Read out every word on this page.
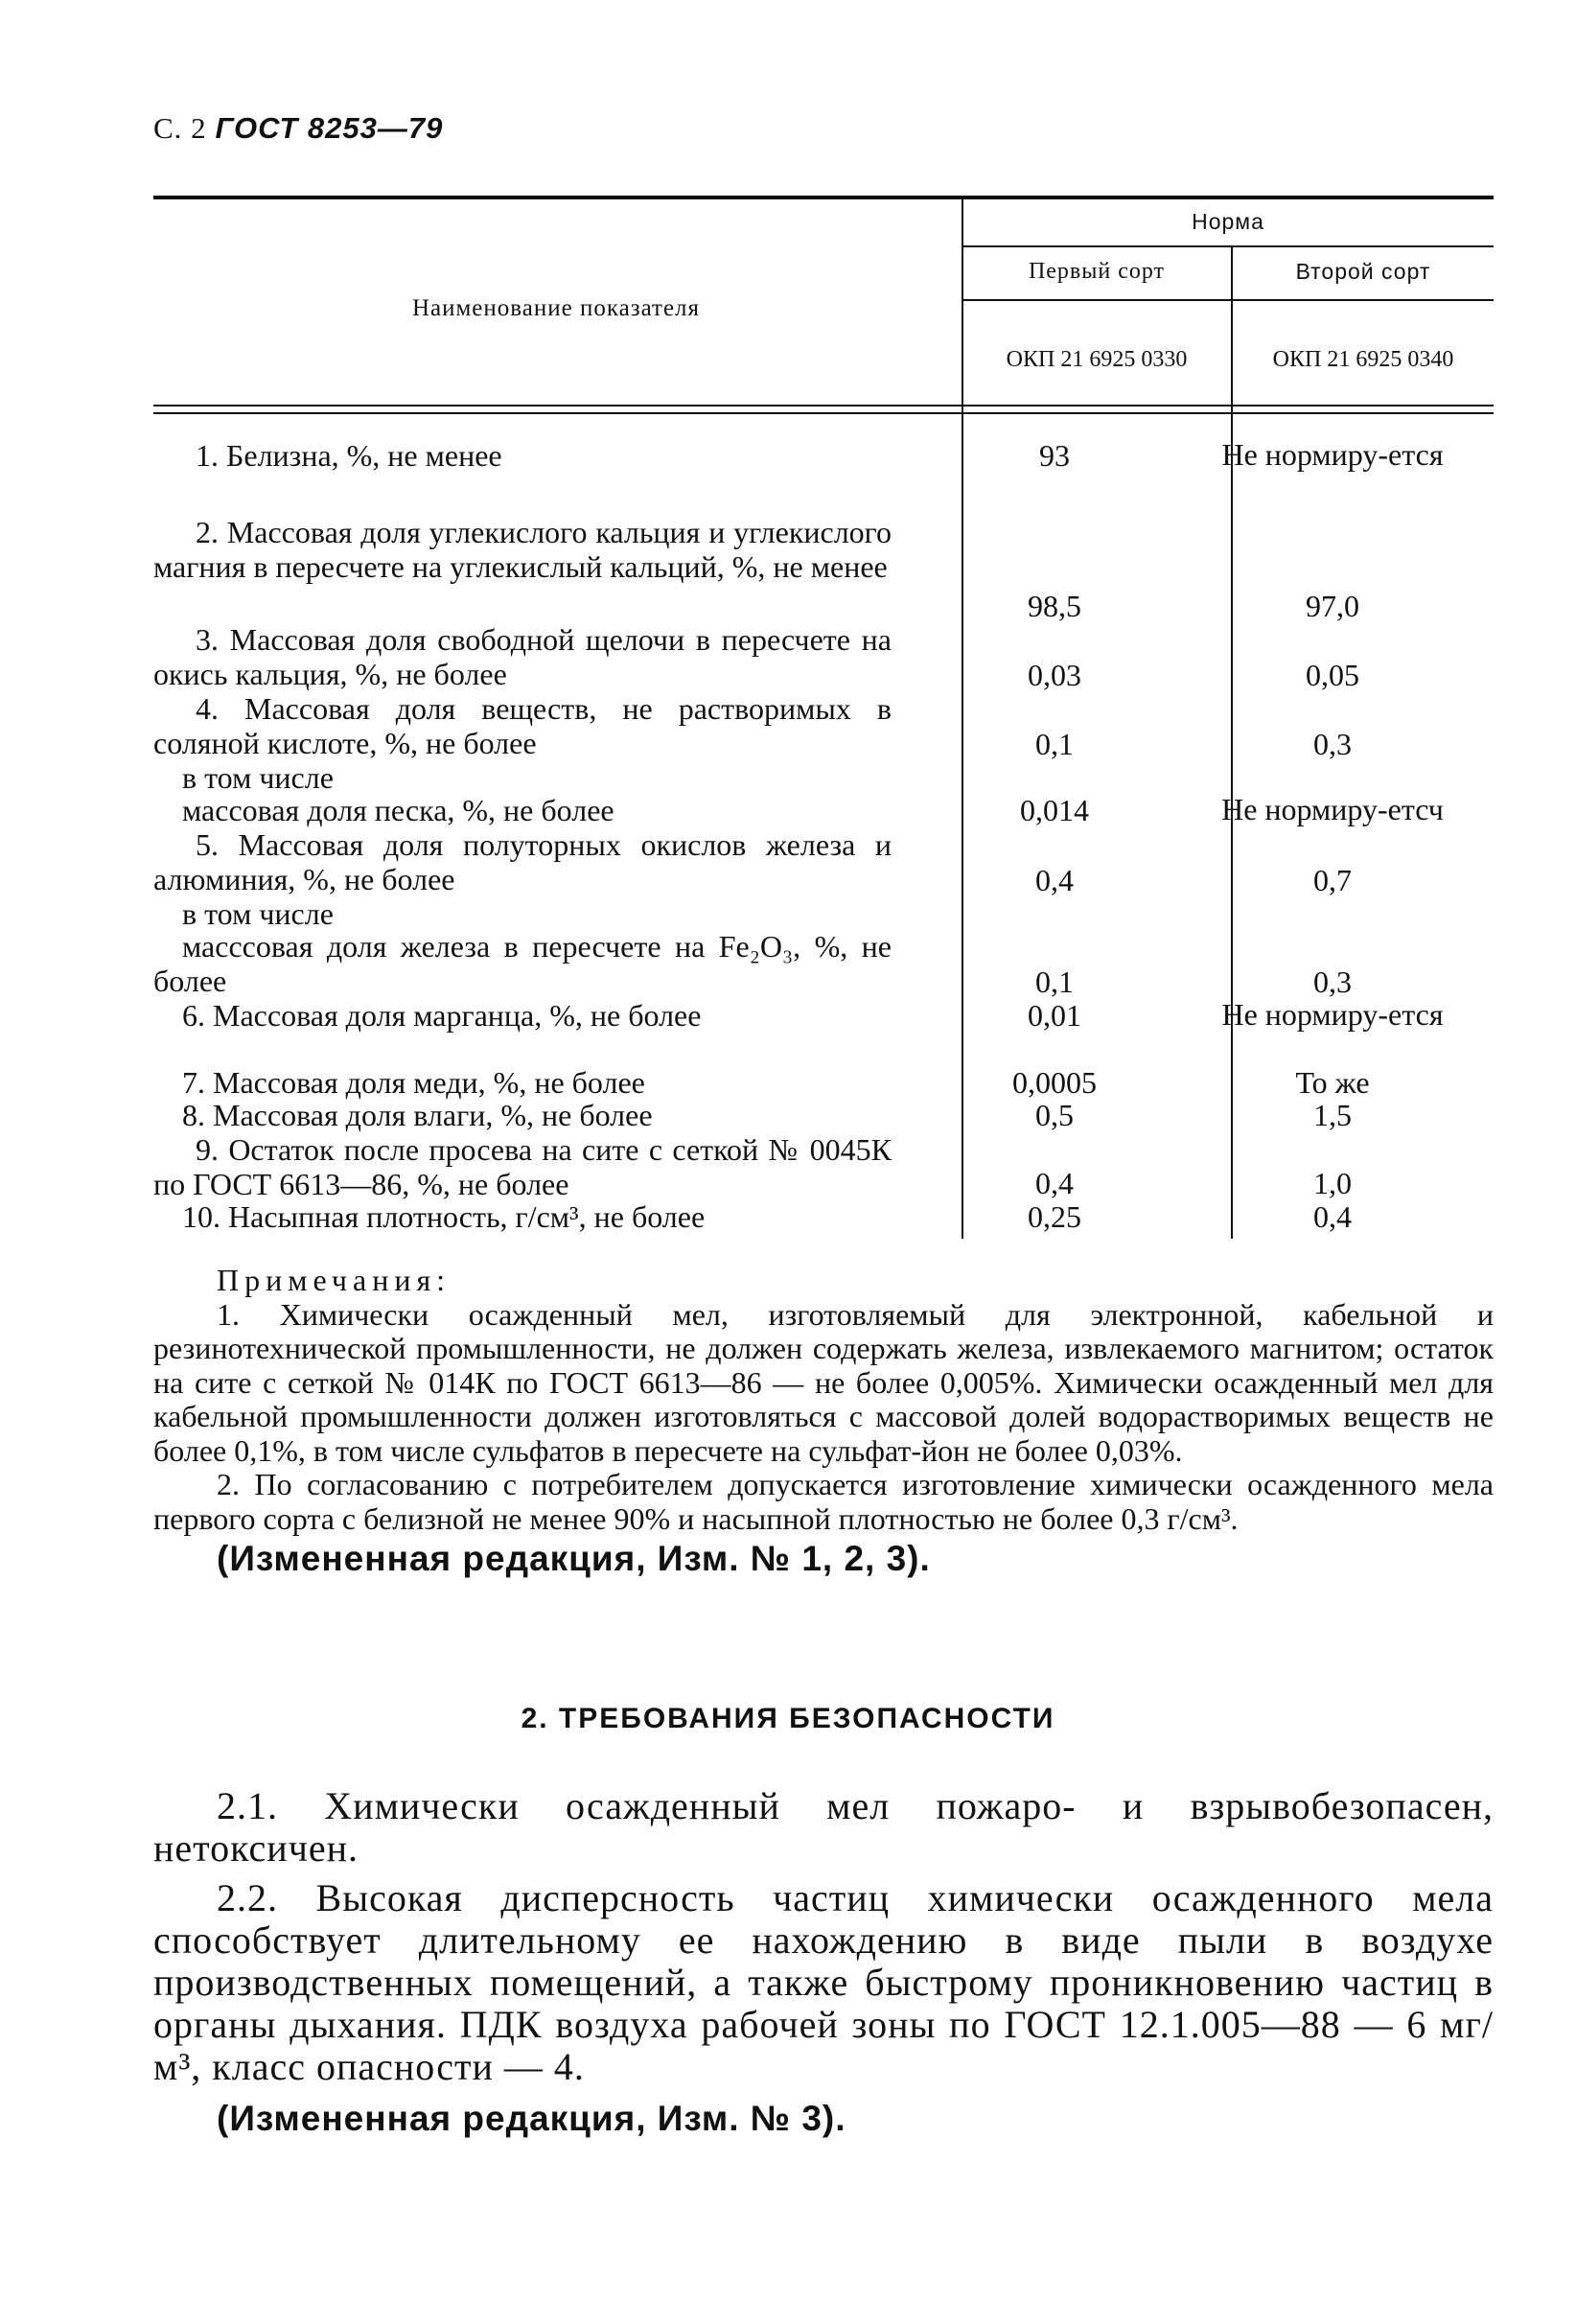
С. 2 ГОСТ 8253—79
Наименование показателя
Норма
Первый сорт	Второй сорт
ОКП 21 6925 0330	ОКП 21 6925 0340
1. Белизна, %, не менее	93	Не нормиру-ется
2. Массовая доля углекислого кальция и углекислого магния в пересчете на углекислый кальций, %, не менее
98,5	97,0
3. Массовая доля свободной щелочи в пересчете на окись кальция, %, не более	0,03	0,05
4. Массовая доля веществ, не растворимых в соляной кислоте, %, не более	0,1	0,3
в том числе
массовая доля песка, %, не более	0,014	Не нормиру-етсч
5. Массовая доля полуторных окислов железа и алюминия, %, не более	0,4	0,7
в том числе
масссовая доля железа в пересчете на Fe₂O₃, %, не более	0,1	0,3
6. Массовая доля марганца, %, не более	0,01	Не нормиру-ется
7. Массовая доля меди, %, не более	0,0005	То же
8. Массовая доля влаги, %, не более	0,5	1,5
9. Остаток после просева на сите с сеткой № 0045К по ГОСТ 6613—86, %, не более	0,4	1,0
10. Насыпная плотность, г/см³, не более	0,25	0,4
Примечания:
1. Химически осажденный мел, изготовляемый для электронной, кабельной и резинотехнической промышленности, не должен содержать железа, извлекаемого магнитом; остаток на сите с сеткой № 014К по ГОСТ 6613—86 — не более 0,005%. Химически осажденный мел для кабельной промышленности должен изготовляться с массовой долей водорастворимых веществ не более 0,1%, в том числе сульфатов в пересчете на сульфат-йон не более 0,03%.
2. По согласованию с потребителем допускается изготовление химически осажденного мела первого сорта с белизной не менее 90% и насыпной плотностью не более 0,3 г/см³.
(Измененная редакция, Изм. № 1, 2, 3).
2. ТРЕБОВАНИЯ БЕЗОПАСНОСТИ
2.1. Химически осажденный мел пожаро- и взрывобезопасен, нетоксичен.
2.2. Высокая дисперсность частиц химически осажденного мела способствует длительному ее нахождению в виде пыли в воздухе производственных помещений, а также быстрому проникновению частиц в органы дыхания. ПДК воздуха рабочей зоны по ГОСТ 12.1.005—88 — 6 мг/м³, класс опасности — 4.
(Измененная редакция, Изм. № 3).
